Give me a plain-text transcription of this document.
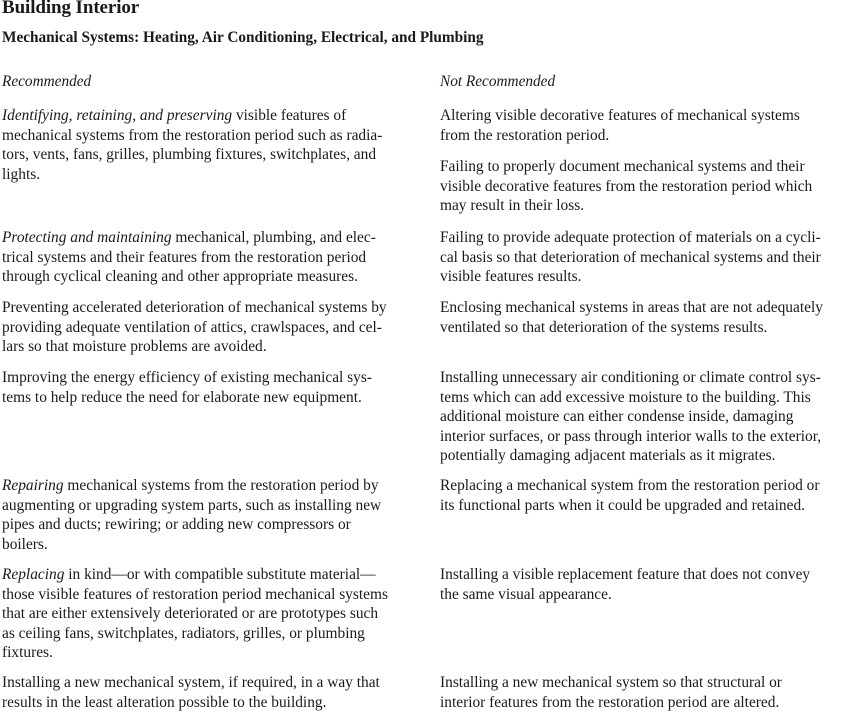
Building Interior
Mechanical Systems: Heating, Air Conditioning, Electrical, and Plumbing
Recommended	Not Recommended
Identifying, retaining, and preserving visible features of
mechanical systems from the restoration period such as radia-
tors, vents, fans, grilles, plumbing fixtures, switchplates, and
lights.
Protecting and maintaining mechanical, plumbing, and elec-
trical systems and their features from the restoration period
through cyclical cleaning and other appropriate measures.
Preventing accelerated deterioration of mechanical systems by
providing adequate ventilation of attics, crawlspaces, and cel-
lars so that moisture problems are avoided.
Improving the energy efficiency of existing mechanical sys-
tems to help reduce the need for elaborate new equipment.
Repairing mechanical systems from the restoration period by
augmenting or upgrading system parts, such as installing new
pipes and ducts; rewiring; or adding new compressors or
boilers.
Replacing in kind—or with compatible substitute material—
those visible features of restoration period mechanical systems
that are either extensively deteriorated or are prototypes such
as ceiling fans, switchplates, radiators, grilles, or plumbing
fixtures.
Installing a new mechanical system, if required, in a way that
results in the least alteration possible to the building.
Altering visible decorative features of mechanical systems
from the restoration period.
Failing to properly document mechanical systems and their
visible decorative features from the restoration period which
may result in their loss.
Failing to provide adequate protection of materials on a cycli-
cal basis so that deterioration of mechanical systems and their
visible features results.
Enclosing mechanical systems in areas that are not adequately
ventilated so that deterioration of the systems results.
Installing unnecessary air conditioning or climate control sys-
tems which can add excessive moisture to the building. This
additional moisture can either condense inside, damaging
interior surfaces, or pass through interior walls to the exterior,
potentially damaging adjacent materials as it migrates.
Replacing a mechanical system from the restoration period or
its functional parts when it could be upgraded and retained.
Installing a visible replacement feature that does not convey
the same visual appearance.
Installing a new mechanical system so that structural or
interior features from the restoration period are altered.
